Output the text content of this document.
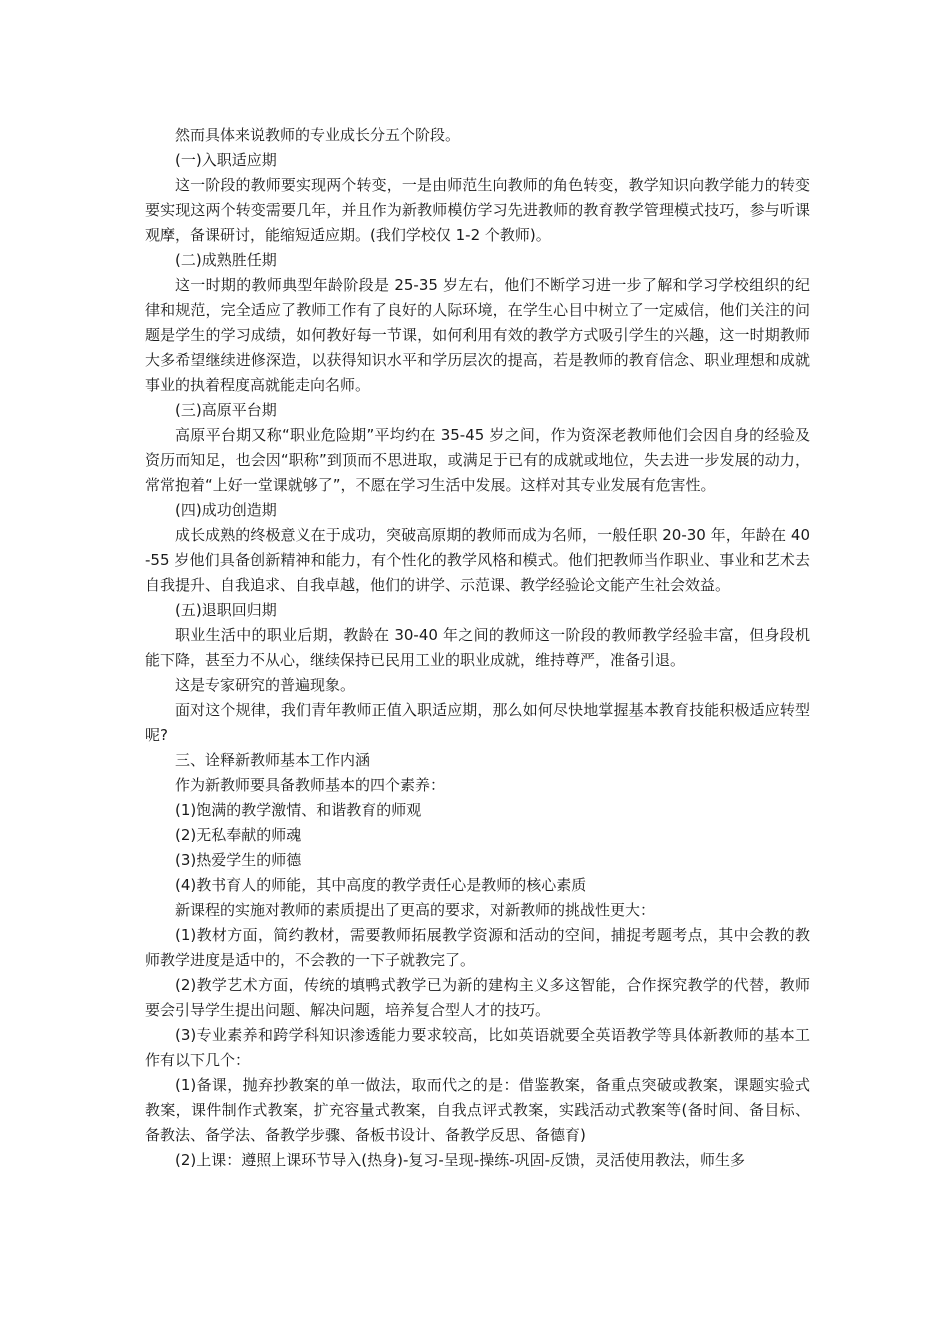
然而具体来说教师的专业成长分五个阶段。

(一)入职适应期

这一阶段的教师要实现两个转变，一是由师范生向教师的角色转变，教学知识向教学能力的转变要实现这两个转变需要几年，并且作为新教师模仿学习先进教师的教育教学管理模式技巧，参与听课观摩，备课研讨，能缩短适应期。(我们学校仅 1-2 个教师)。

(二)成熟胜任期

这一时期的教师典型年龄阶段是 25-35 岁左右，他们不断学习进一步了解和学习学校组织的纪律和规范，完全适应了教师工作有了良好的人际环境，在学生心目中树立了一定威信，他们关注的问题是学生的学习成绩，如何教好每一节课，如何利用有效的教学方式吸引学生的兴趣，这一时期教师大多希望继续进修深造，以获得知识水平和学历层次的提高，若是教师的教育信念、职业理想和成就事业的执着程度高就能走向名师。

(三)高原平台期

高原平台期又称“职业危险期”平均约在 35-45 岁之间，作为资深老教师他们会因自身的经验及资历而知足，也会因“职称”到顶而不思进取，或满足于已有的成就或地位，失去进一步发展的动力，常常抱着“上好一堂课就够了”，不愿在学习生活中发展。这样对其专业发展有危害性。

(四)成功创造期

成长成熟的终极意义在于成功，突破高原期的教师而成为名师，一般任职 20-30 年，年龄在 40-55 岁他们具备创新精神和能力，有个性化的教学风格和模式。他们把教师当作职业、事业和艺术去自我提升、自我追求、自我卓越，他们的讲学、示范课、教学经验论文能产生社会效益。

(五)退职回归期

职业生活中的职业后期，教龄在 30-40 年之间的教师这一阶段的教师教学经验丰富，但身段机能下降，甚至力不从心，继续保持已民用工业的职业成就，维持尊严，准备引退。

这是专家研究的普遍现象。

面对这个规律，我们青年教师正值入职适应期，那么如何尽快地掌握基本教育技能积极适应转型呢?

三、诠释新教师基本工作内涵

作为新教师要具备教师基本的四个素养：

(1)饱满的教学激情、和谐教育的师观

(2)无私奉献的师魂

(3)热爱学生的师德

(4)教书育人的师能，其中高度的教学责任心是教师的核心素质

新课程的实施对教师的素质提出了更高的要求，对新教师的挑战性更大：

(1)教材方面，简约教材，需要教师拓展教学资源和活动的空间，捕捉考题考点，其中会教的教师教学进度是适中的，不会教的一下子就教完了。

(2)教学艺术方面，传统的填鸭式教学已为新的建构主义多这智能，合作探究教学的代替，教师要会引导学生提出问题、解决问题，培养复合型人才的技巧。

(3)专业素养和跨学科知识渗透能力要求较高，比如英语就要全英语教学等具体新教师的基本工作有以下几个：

(1)备课，抛弃抄教案的单一做法，取而代之的是：借鉴教案，备重点突破或教案，课题实验式教案，课件制作式教案，扩充容量式教案，自我点评式教案，实践活动式教案等(备时间、备目标、备教法、备学法、备教学步骤、备板书设计、备教学反思、备德育)

(2)上课：遵照上课环节导入(热身)-复习-呈现-操练-巩固-反馈，灵活使用教法，师生多
